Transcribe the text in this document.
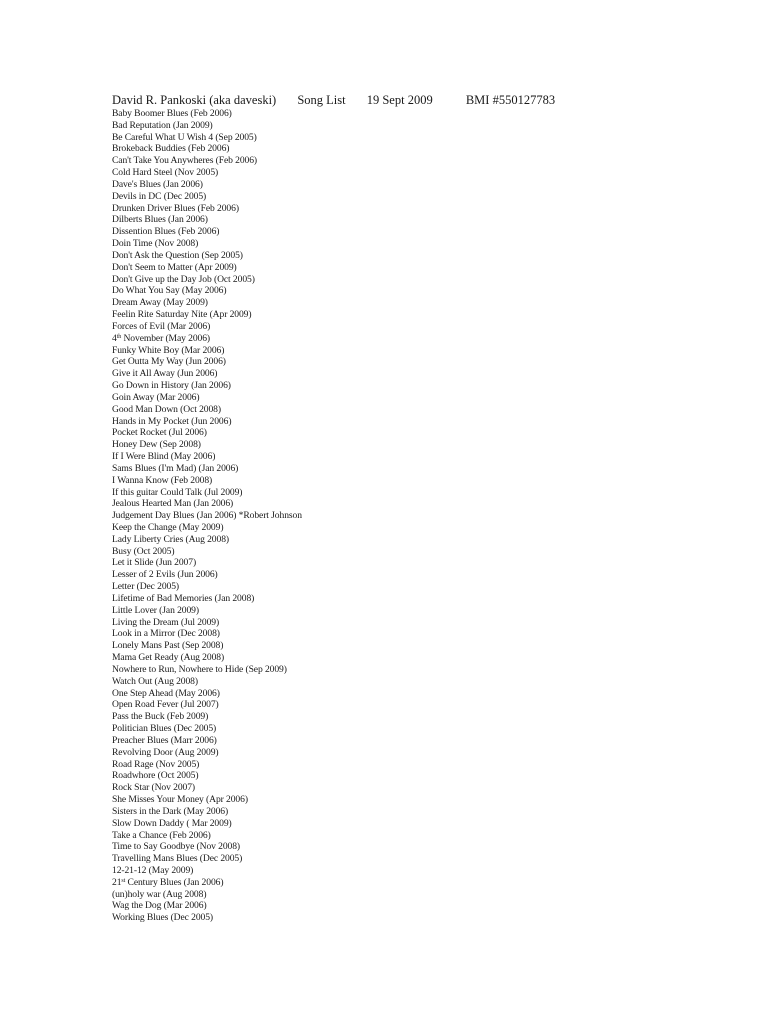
David R. Pankoski (aka daveski) Song List 19 Sept 2009	BMI #550127783
Baby Boomer Blues (Feb 2006)
Bad Reputation (Jan 2009)
Be Careful What U Wish 4 (Sep 2005)
Brokeback Buddies (Feb 2006)
Can't Take You Anywheres (Feb 2006)
Cold Hard Steel (Nov 2005)
Dave's Blues (Jan 2006)
Devils in DC (Dec 2005)
Drunken Driver Blues (Feb 2006)
Dilberts Blues (Jan 2006)
Dissention Blues (Feb 2006)
Doin Time (Nov 2008)
Don't Ask the Question (Sep 2005)
Don't Seem to Matter (Apr 2009)
Don't Give up the Day Job (Oct 2005)
Do What You Say (May 2006)
Dream Away (May 2009)
Feelin Rite Saturday Nite (Apr 2009)
Forces of Evil (Mar 2006)
4th November (May 2006)
Funky White Boy (Mar 2006)
Get Outta My Way (Jun 2006)
Give it All Away (Jun 2006)
Go Down in History (Jan 2006)
Goin Away (Mar 2006)
Good Man Down (Oct 2008)
Hands in My Pocket (Jun 2006)
Pocket Rocket (Jul 2006)
Honey Dew (Sep 2008)
If I Were Blind (May 2006)
Sams Blues (I'm Mad) (Jan 2006)
I Wanna Know (Feb 2008)
If this guitar Could Talk (Jul 2009)
Jealous Hearted Man (Jan 2006)
Judgement Day Blues (Jan 2006) *Robert Johnson
Keep the Change (May 2009)
Lady Liberty Cries (Aug 2008)
Busy (Oct 2005)
Let it Slide (Jun 2007)
Lesser of 2 Evils (Jun 2006)
Letter (Dec 2005)
Lifetime of Bad Memories (Jan 2008)
Little Lover (Jan 2009)
Living the Dream (Jul 2009)
Look in a Mirror (Dec 2008)
Lonely Mans Past (Sep 2008)
Mama Get Ready (Aug 2008)
Nowhere to Run, Nowhere to Hide (Sep 2009)
Watch Out (Aug 2008)
One Step Ahead (May 2006)
Open Road Fever (Jul 2007)
Pass the Buck (Feb 2009)
Politician Blues (Dec 2005)
Preacher Blues (Marr 2006)
Revolving Door (Aug 2009)
Road Rage (Nov 2005)
Roadwhore (Oct 2005)
Rock Star (Nov 2007)
She Misses Your Money (Apr 2006)
Sisters in the Dark (May 2006)
Slow Down Daddy ( Mar 2009)
Take a Chance (Feb 2006)
Time to Say Goodbye (Nov 2008)
Travelling Mans Blues (Dec 2005)
12-21-12 (May 2009)
21st Century Blues (Jan 2006)
(un)holy war (Aug 2008)
Wag the Dog (Mar 2006)
Working Blues (Dec 2005)
